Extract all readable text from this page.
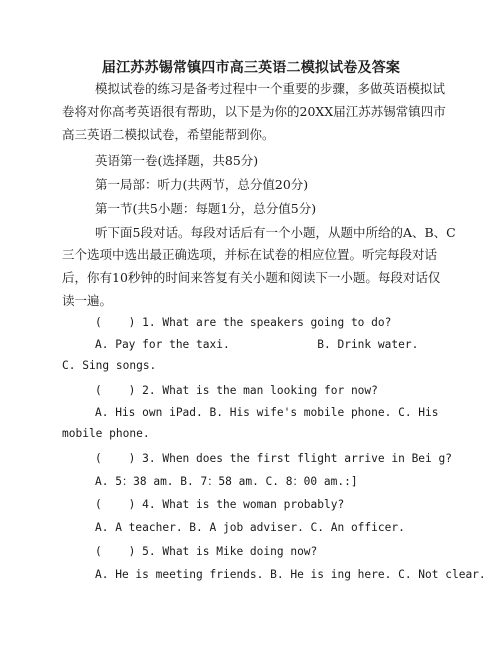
届江苏苏锡常镇四市高三英语二模拟试卷及答案
模拟试卷的练习是备考过程中一个重要的步骤，多做英语模拟试
卷将对你高考英语很有帮助，以下是为你的20XX届江苏苏锡常镇四市
高三英语二模拟试卷，希望能帮到你。
英语第一卷(选择题，共85分)
第一局部：听力(共两节，总分值20分)
第一节(共5小题：每题1分，总分值5分)
听下面5段对话。每段对话后有一个小题，从题中所给的A、B、C
三个选项中选出最正确选项，并标在试卷的相应位置。听完每段对话
后，你有10秒钟的时间来答复有关小题和阅读下一小题。每段对话仅
读一遍。
(    ) 1. What are the speakers going to do?
A. Pay for the taxi.             B. Drink water.
C. Sing songs.
(    ) 2. What is the man looking for now?
A. His own iPad. B. His wife's mobile phone. C. His
mobile phone.
(    ) 3. When does the first flight arrive in Bei g?
A. 5：38 am. B. 7：58 am. C. 8：00 am.:]
(    ) 4. What is the woman probably?
A. A teacher. B. A job adviser. C. An officer.
(    ) 5. What is Mike doing now?
A. He is meeting friends. B. He is ing here. C. Not clear.
